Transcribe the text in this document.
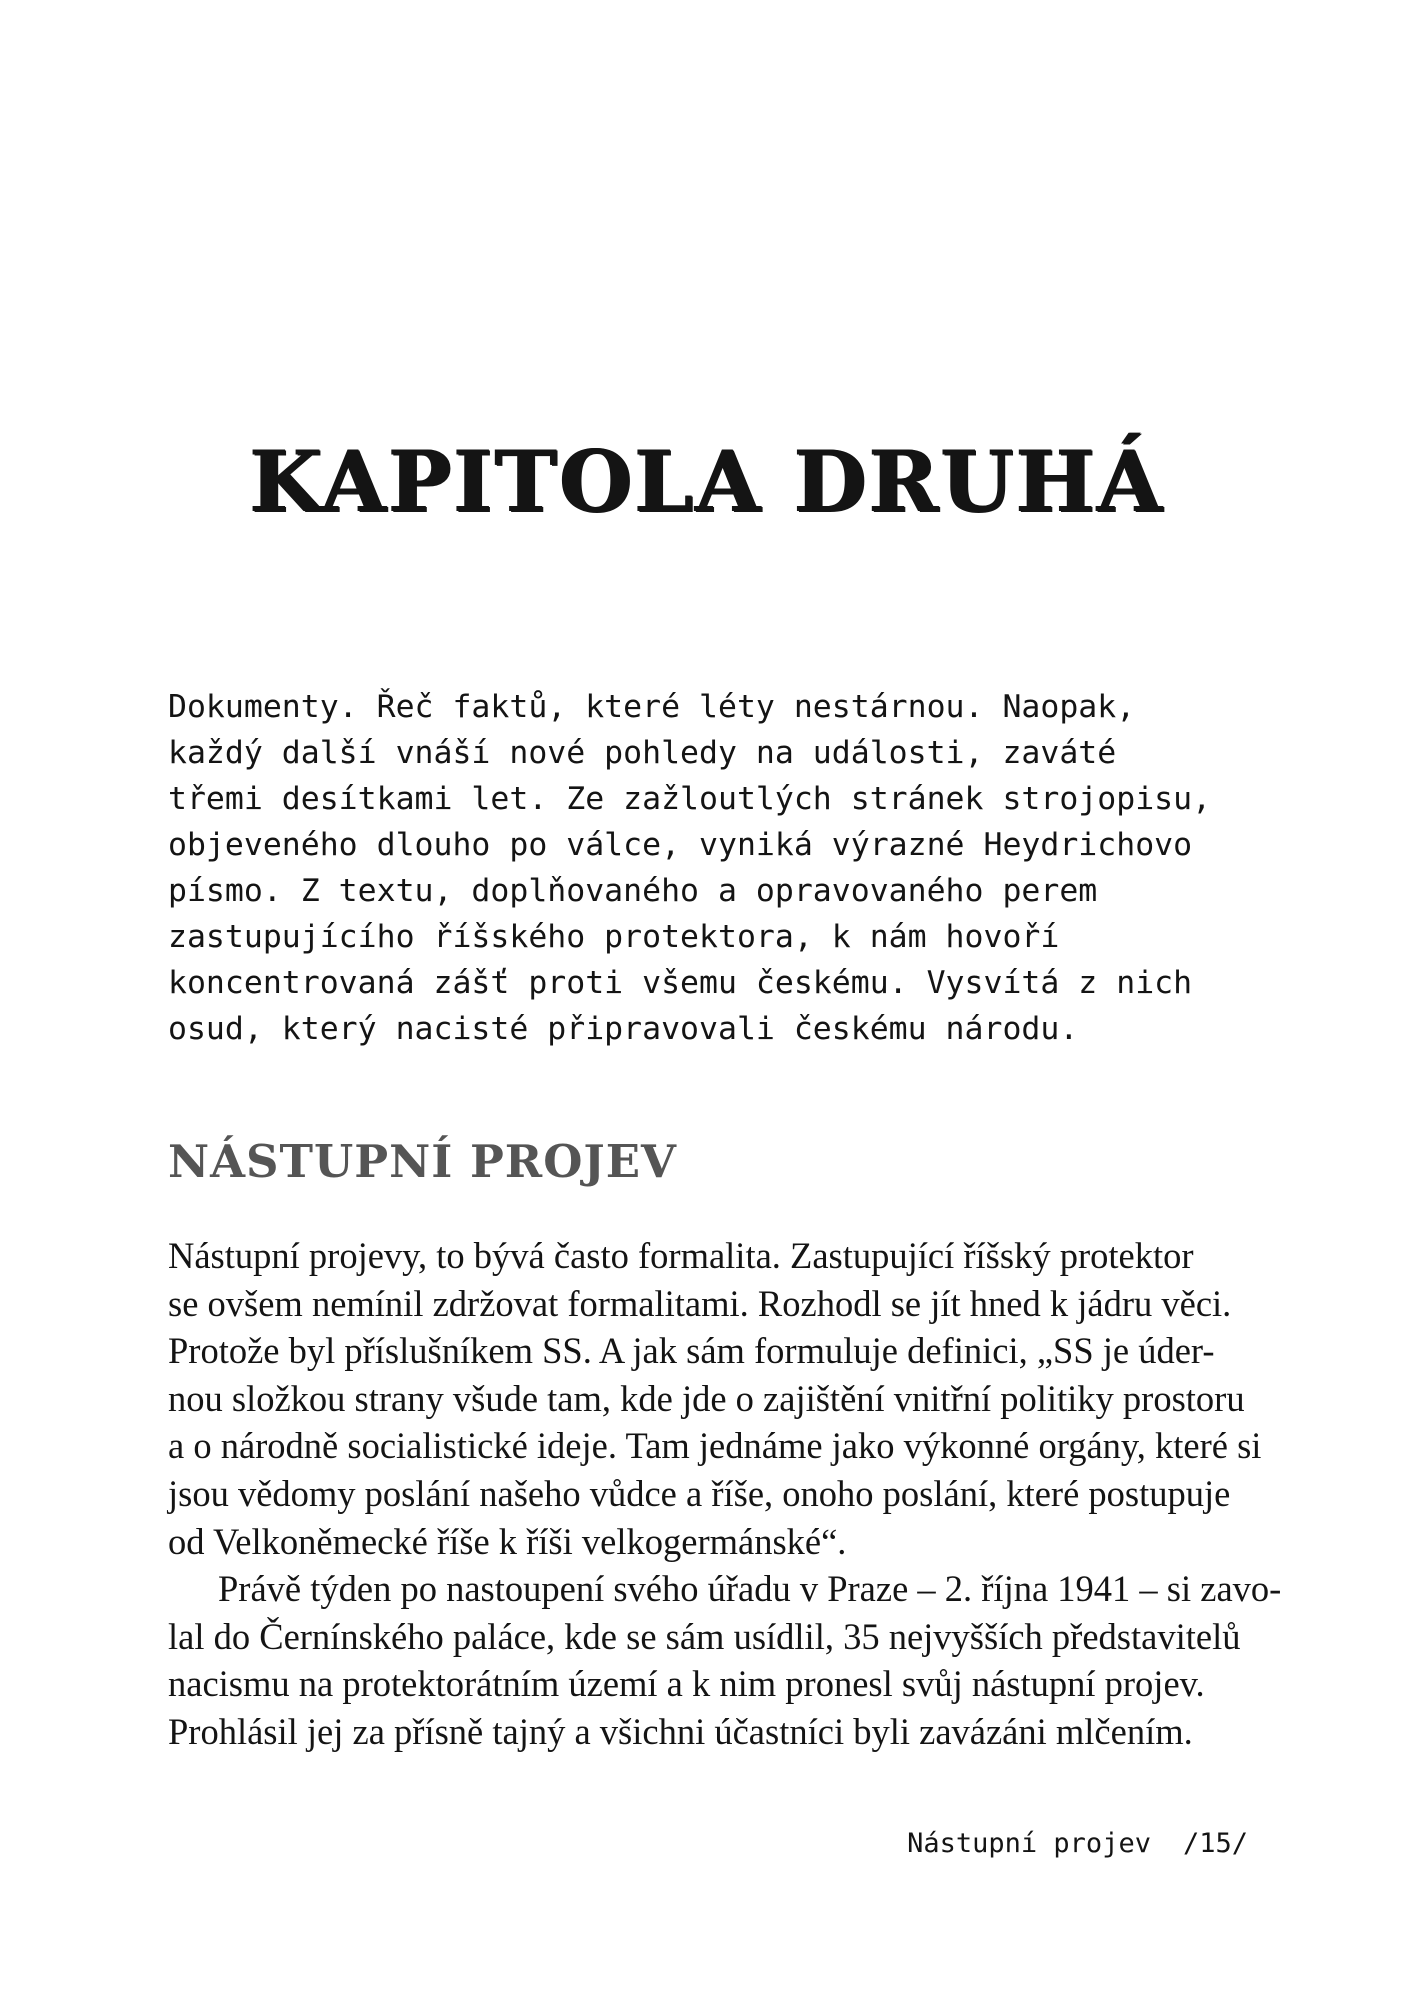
KAPITOLA DRUHÁ
Dokumenty. Řeč faktů, které léty nestárnou. Naopak,
každý další vnáší nové pohledy na události, zaváté
třemi desítkami let. Ze zažloutlých stránek strojopisu,
objeveného dlouho po válce, vyniká výrazné Heydrichovo
písmo. Z textu, doplňovaného a opravovaného perem
zastupujícího říšského protektora, k nám hovoří
koncentrovaná zášť proti všemu českému. Vysvítá z nich
osud, který nacisté připravovali českému národu.
NÁSTUPNÍ PROJEV
Nástupní projevy, to bývá často formalita. Zastupující říšský protektor
se ovšem nemínil zdržovat formalitami. Rozhodl se jít hned k jádru věci.
Protože byl příslušníkem SS. A jak sám formuluje definici, „SS je úder-
nou složkou strany všude tam, kde jde o zajištění vnitřní politiky prostoru
a o národně socialistické ideje. Tam jednáme jako výkonné orgány, které si
jsou vědomy poslání našeho vůdce a říše, onoho poslání, které postupuje
od Velkoněmecké říše k říši velkogermánské“.
Právě týden po nastoupení svého úřadu v Praze – 2. října 1941 – si zavo-
lal do Černínského paláce, kde se sám usídlil, 35 nejvyšších představitelů
nacismu na protektorátním území a k nim pronesl svůj nástupní projev.
Prohlásil jej za přísně tajný a všichni účastníci byli zavázáni mlčením.
Nástupní projev /15/
